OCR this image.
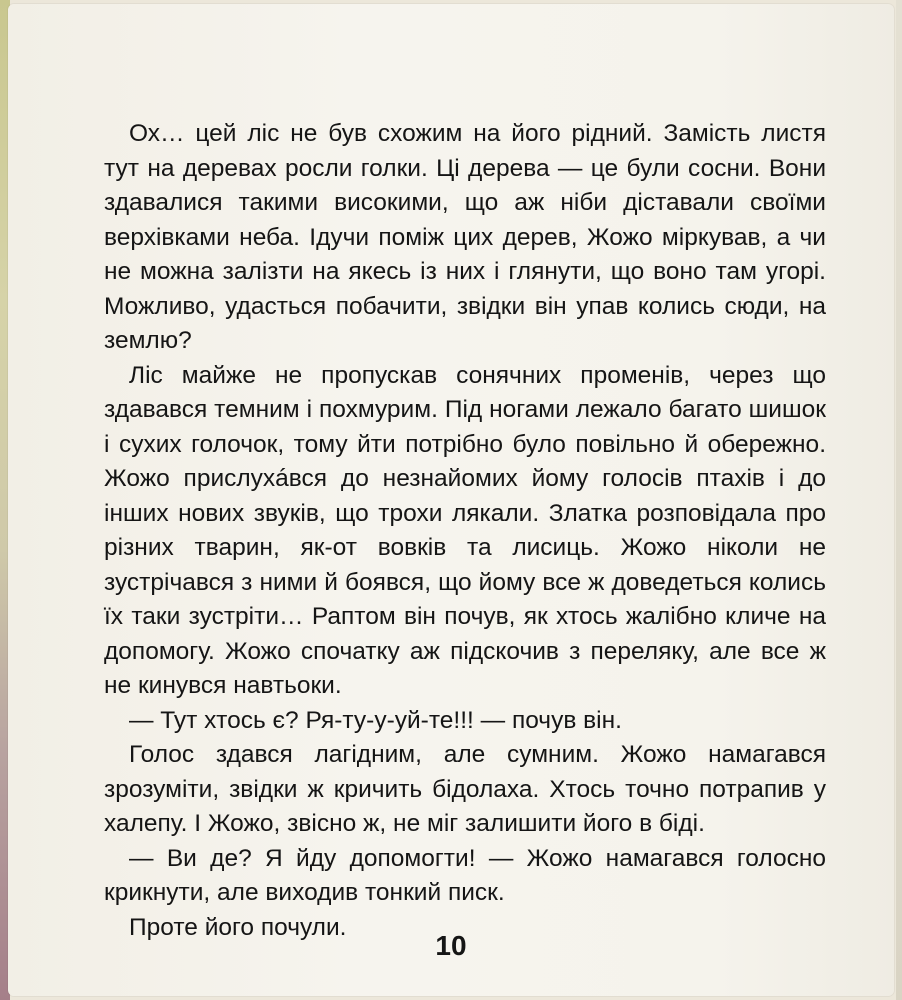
Ох… цей ліс не був схожим на його рідний. Замість листя тут на деревах росли голки. Ці дерева — це були сосни. Вони здавалися такими високими, що аж ніби діставали своїми верхівками неба. Ідучи поміж цих дерев, Жожо міркував, а чи не можна залізти на якесь із них і глянути, що воно там угорі. Можливо, удасться побачити, звідки він упав колись сюди, на землю?

Ліс майже не пропускав сонячних променів, через що здавався темним і похмурим. Під ногами лежало багато шишок і сухих голочок, тому йти потрібно було повільно й обережно. Жожо прислухáвся до незнайомих йому голосів птахів і до інших нових звуків, що трохи лякали. Златка розповідала про різних тварин, як-от вовків та лисиць. Жожо ніколи не зустрічався з ними й боявся, що йому все ж доведеться колись їх таки зустріти… Раптом він почув, як хтось жалібно кличе на допомогу. Жожо спочатку аж підскочив з переляку, але все ж не кинувся навтьоки.

— Тут хтось є? Ря-ту-у-уй-те!!! — почув він.

Голос здався лагідним, але сумним. Жожо намагався зрозуміти, звідки ж кричить бідолаха. Хтось точно потрапив у халепу. І Жожо, звісно ж, не міг залишити його в біді.

— Ви де? Я йду допомогти! — Жожо намагався голосно крикнути, але виходив тонкий писк.

Проте його почули.

10
